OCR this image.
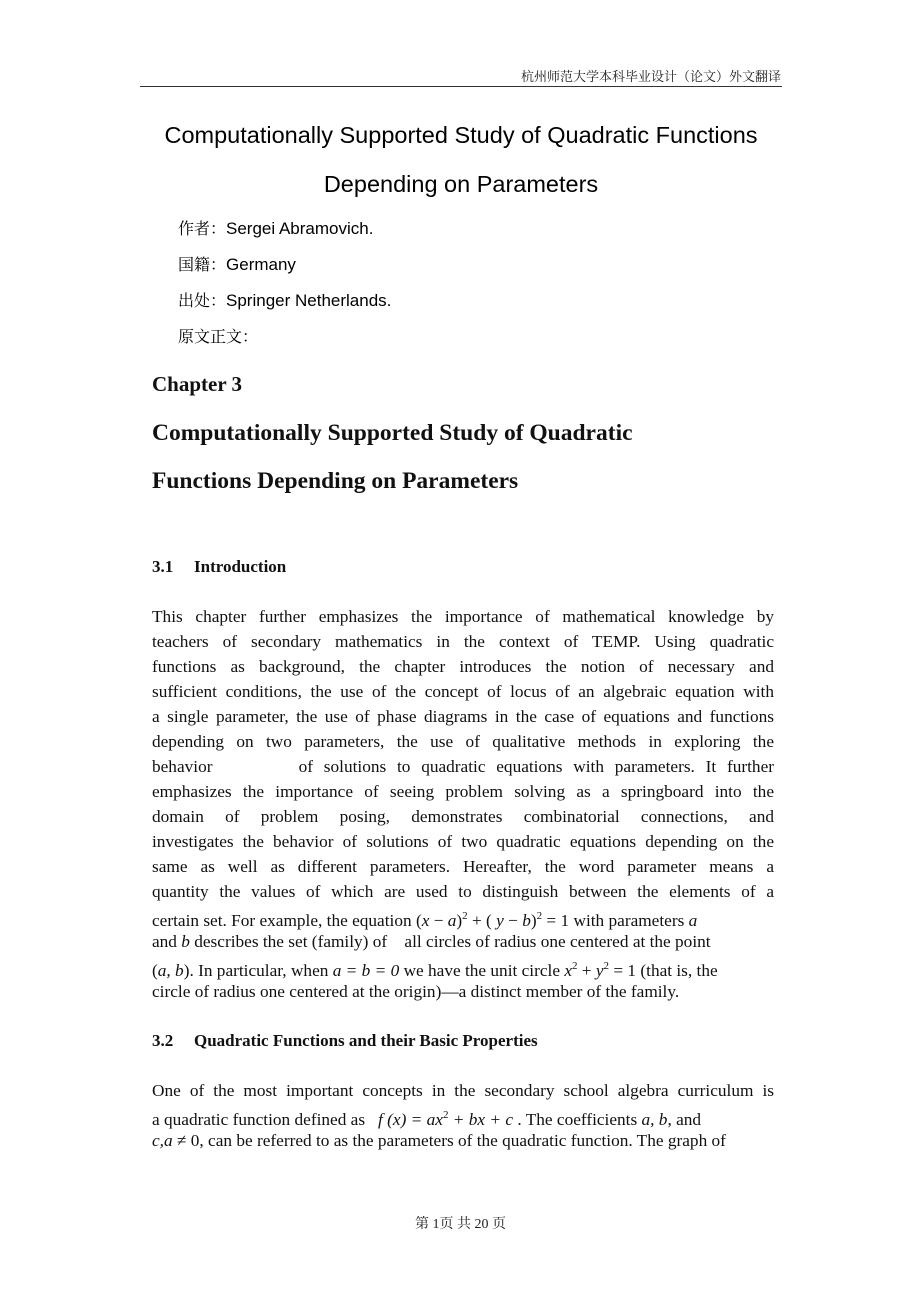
杭州师范大学本科毕业设计（论文）外文翻译
Computationally Supported Study of Quadratic Functions
Depending on Parameters
作者：Sergei Abramovich.
国籍：Germany
出处：Springer Netherlands.
原文正文：
Chapter 3
Computationally Supported Study of Quadratic
Functions Depending on Parameters
3.1 Introduction
This chapter further emphasizes the importance of mathematical knowledge by
teachers of secondary mathematics in the context of TEMP. Using quadratic
functions as background, the chapter introduces the notion of necessary and
sufficient conditions, the use of the concept of locus of an algebraic equation with
a single parameter, the use of phase diagrams in the case of equations and functions
depending on two parameters, the use of qualitative methods in exploring the
behavior        of solutions to quadratic equations with parameters. It further
emphasizes the importance of seeing problem solving as a springboard into the
domain of problem posing, demonstrates combinatorial connections, and
investigates the behavior of solutions of two quadratic equations depending on the
same as well as different parameters. Hereafter, the word parameter means a
quantity the values of which are used to distinguish between the elements of a
certain set. For example, the equation $(x - a)^2$ + ( y − b)$^2$ = 1 with parameters a
and b describes the set (family) of    all circles of radius one centered at the point
(a, b). In particular, when a = b = 0 we have the unit circle $x^2 + y^2 = 1$ (that is, the
circle of radius one centered at the origin)—a distinct member of the family.
3.2 Quadratic Functions and their Basic Properties
One of the most important concepts in the secondary school algebra curriculum is
a quadratic function defined as   f $(x) = ax^2$ + bx + c . The coefficients a, b, and
c,a ≠ 0, can be referred to as the parameters of the quadratic function. The graph of
第 1页 共 20 页
